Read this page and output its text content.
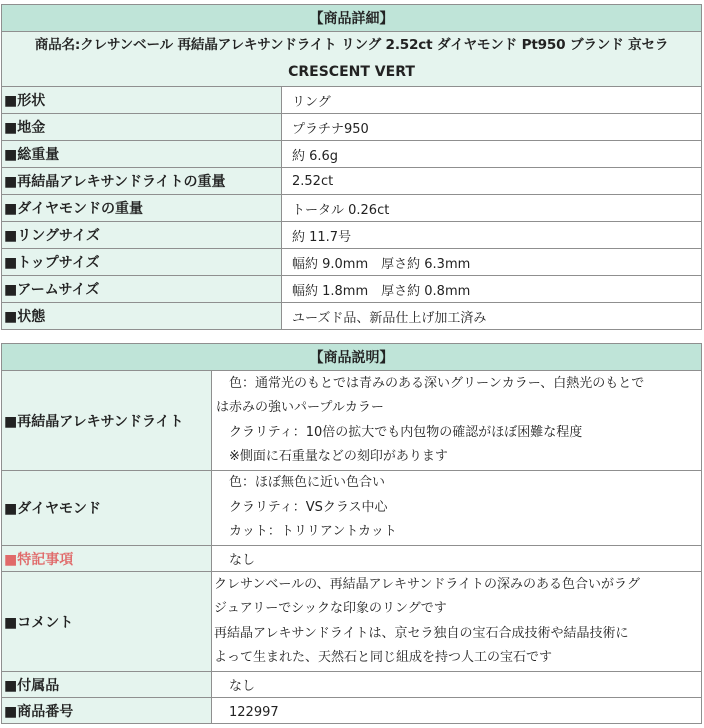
【商品詳細】	

商品名:クレサンベール 再結晶アレキサンドライト リング 2.52ct ダイヤモンド Pt950 ブランド 京セラ
CRESCENT VERT	

■形状	リング
■地金	プラチナ950
■総重量	約 6.6g
■再結晶アレキサンドライトの重量	2.52ct
■ダイヤモンドの重量	トータル 0.26ct
■リングサイズ	約 11.7号
■トップサイズ	幅約 9.0mm　厚さ約 6.3mm
■アームサイズ	幅約 1.8mm　厚さ約 0.8mm
■状態	ユーズド品、新品仕上げ加工済み
【商品説明】	
■再結晶アレキサンドライト	　色：通常光のもとでは青みのある深いグリーンカラー、白熱光のもとで
は赤みの強いパープルカラー
　クラリティ：10倍の拡大でも内包物の確認がほぼ困難な程度
　※側面に石重量などの刻印があります

■ダイヤモンド	　色：ほぼ無色に近い色合い
　クラリティ：VSクラス中心
　カット：トリリアントカット

■特記事項	　なし
■コメント	クレサンベールの、再結晶アレキサンドライトの深みのある色合いがラグ
ジュアリーでシックな印象のリングです
再結晶アレキサンドライトは、京セラ独自の宝石合成技術や結晶技術に
よって生まれた、天然石と同じ組成を持つ人工の宝石です

■付属品	　なし
■商品番号	　122997
